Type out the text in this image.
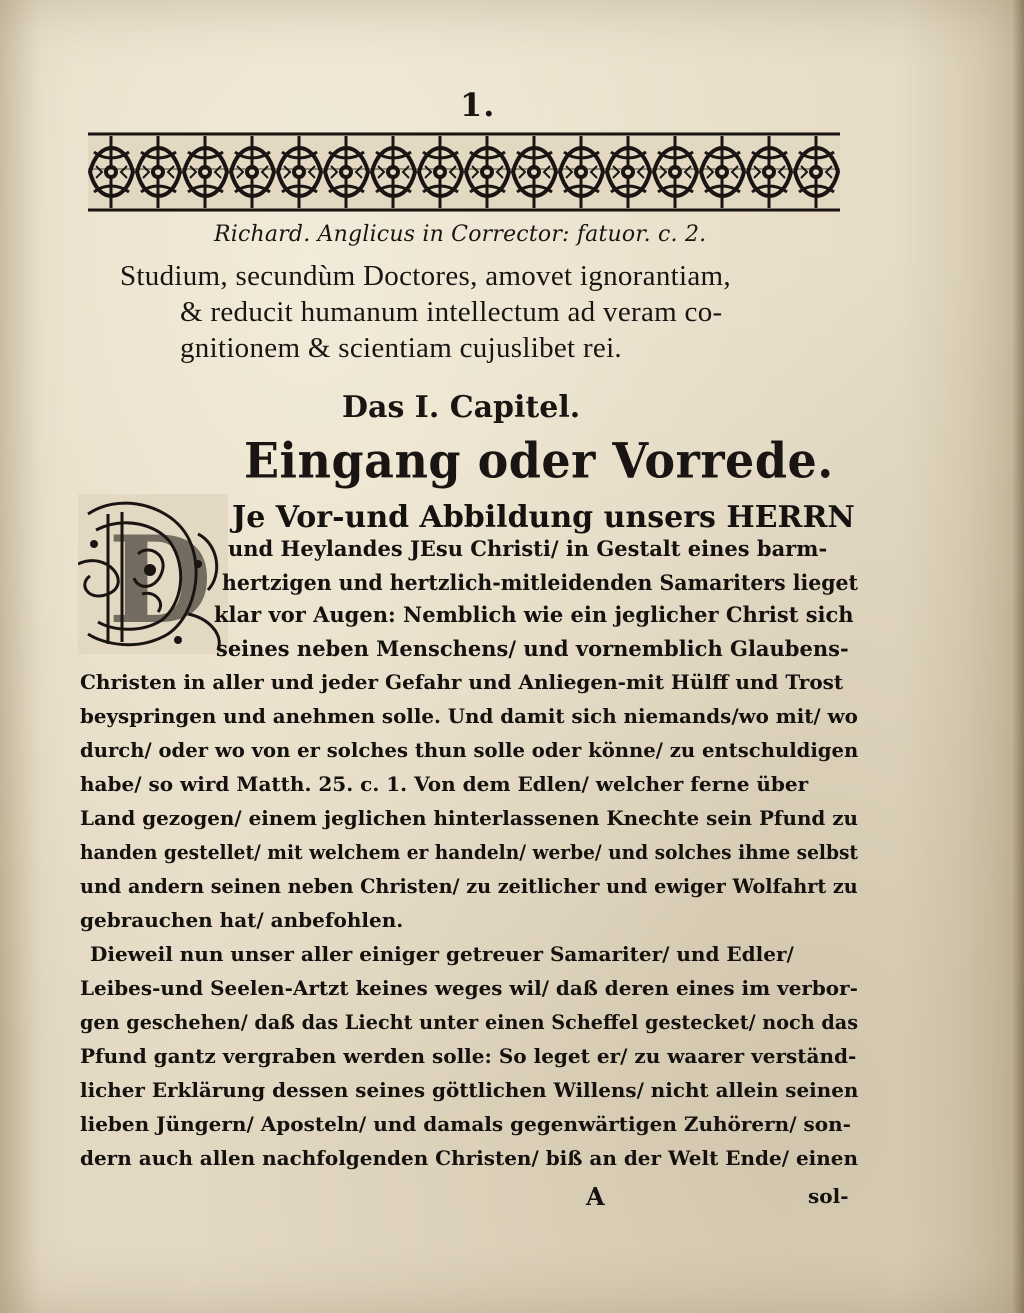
1.
Richard. Anglicus in Corrector: fatuor. c. 2.
Studium, secundùm Doctores, amovet ignorantiam,
& reducit humanum intellectum ad veram co-
gnitionem & scientiam cujuslibet rei.
Das I. Capitel.
Eingang oder Vorrede.
D Je Vor-und Abbildung unsers HERRN
und Heylandes JEsu Christi/ in Gestalt eines barm-
hertzigen und hertzlich-mitleidenden Samariters lieget
klar vor Augen: Nemblich wie ein jeglicher Christ sich
seines neben Menschens/ und vornemblich Glaubens-
Christen in aller und jeder Gefahr und Anliegen-mit Hülff und Trost
beyspringen und anehmen solle. Und damit sich niemands/wo mit/ wo
durch/ oder wo von er solches thun solle oder könne/ zu entschuldigen
habe/ so wird Matth. 25. c. 1. Von dem Edlen/ welcher ferne über
Land gezogen/ einem jeglichen hinterlassenen Knechte sein Pfund zu
handen gestellet/ mit welchem er handeln/ werbe/ und solches ihme selbst
und andern seinen neben Christen/ zu zeitlicher und ewiger Wolfahrt zu
gebrauchen hat/ anbefohlen.
Dieweil nun unser aller einiger getreuer Samariter/ und Edler/
Leibes-und Seelen-Artzt keines weges wil/ daß deren eines im verbor-
gen geschehen/ daß das Liecht unter einen Scheffel gestecket/ noch das
Pfund gantz vergraben werden solle: So leget er/ zu waarer verständ-
licher Erklärung dessen seines göttlichen Willens/ nicht allein seinen
lieben Jüngern/ Aposteln/ und damals gegenwärtigen Zuhörern/ son-
dern auch allen nachfolgenden Christen/ biß an der Welt Ende/ einen
A	sol-
